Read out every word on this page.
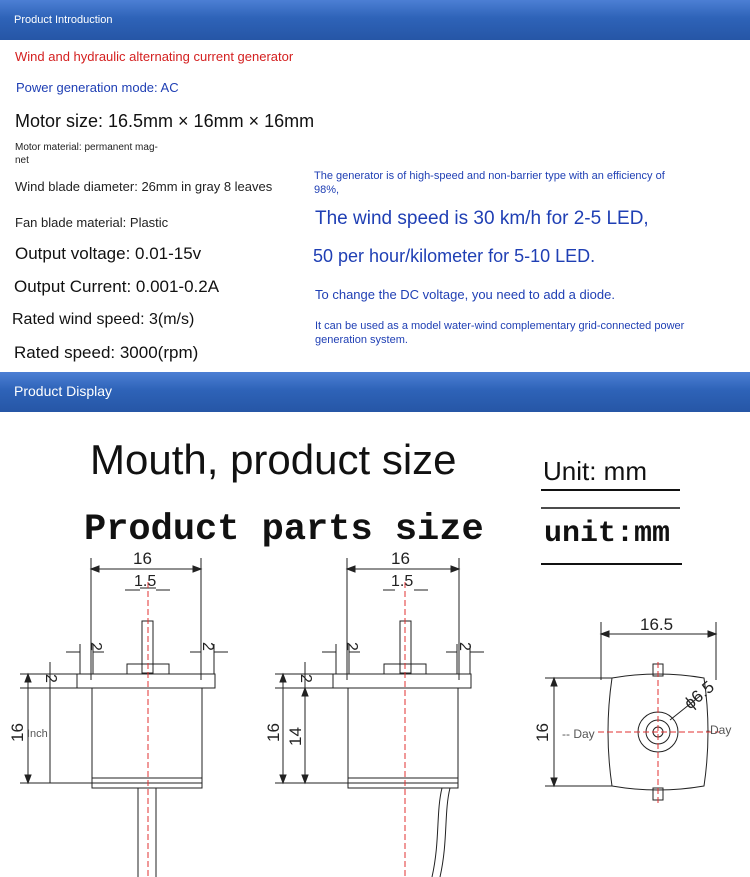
Product Introduction
Wind and hydraulic alternating current generator
Power generation mode: AC
Motor size: 16.5mm × 16mm × 16mm
Motor material: permanent mag-
net
Wind blade diameter: 26mm in gray 8 leaves
Fan blade material: Plastic
Output voltage: 0.01-15v
Output Current: 0.001-0.2A
Rated wind speed: 3(m/s)
Rated speed: 3000(rpm)
The generator is of high-speed and non-barrier type with an efficiency of
98%,
The wind speed is 30 km/h for 2-5 LED,
50 per hour/kilometer for 5-10 LED.
To change the DC voltage, you need to add a diode.
It can be used as a model water-wind complementary grid-connected power
generation system.
Product Display
Mouth, product size
Product parts size
Unit: mm
unit:mm
16
1.5
2	2
2
16 Inch
16
1.5
2	2
2
16 14
16.5
16
ϕ6.5
-- Day	-Day
